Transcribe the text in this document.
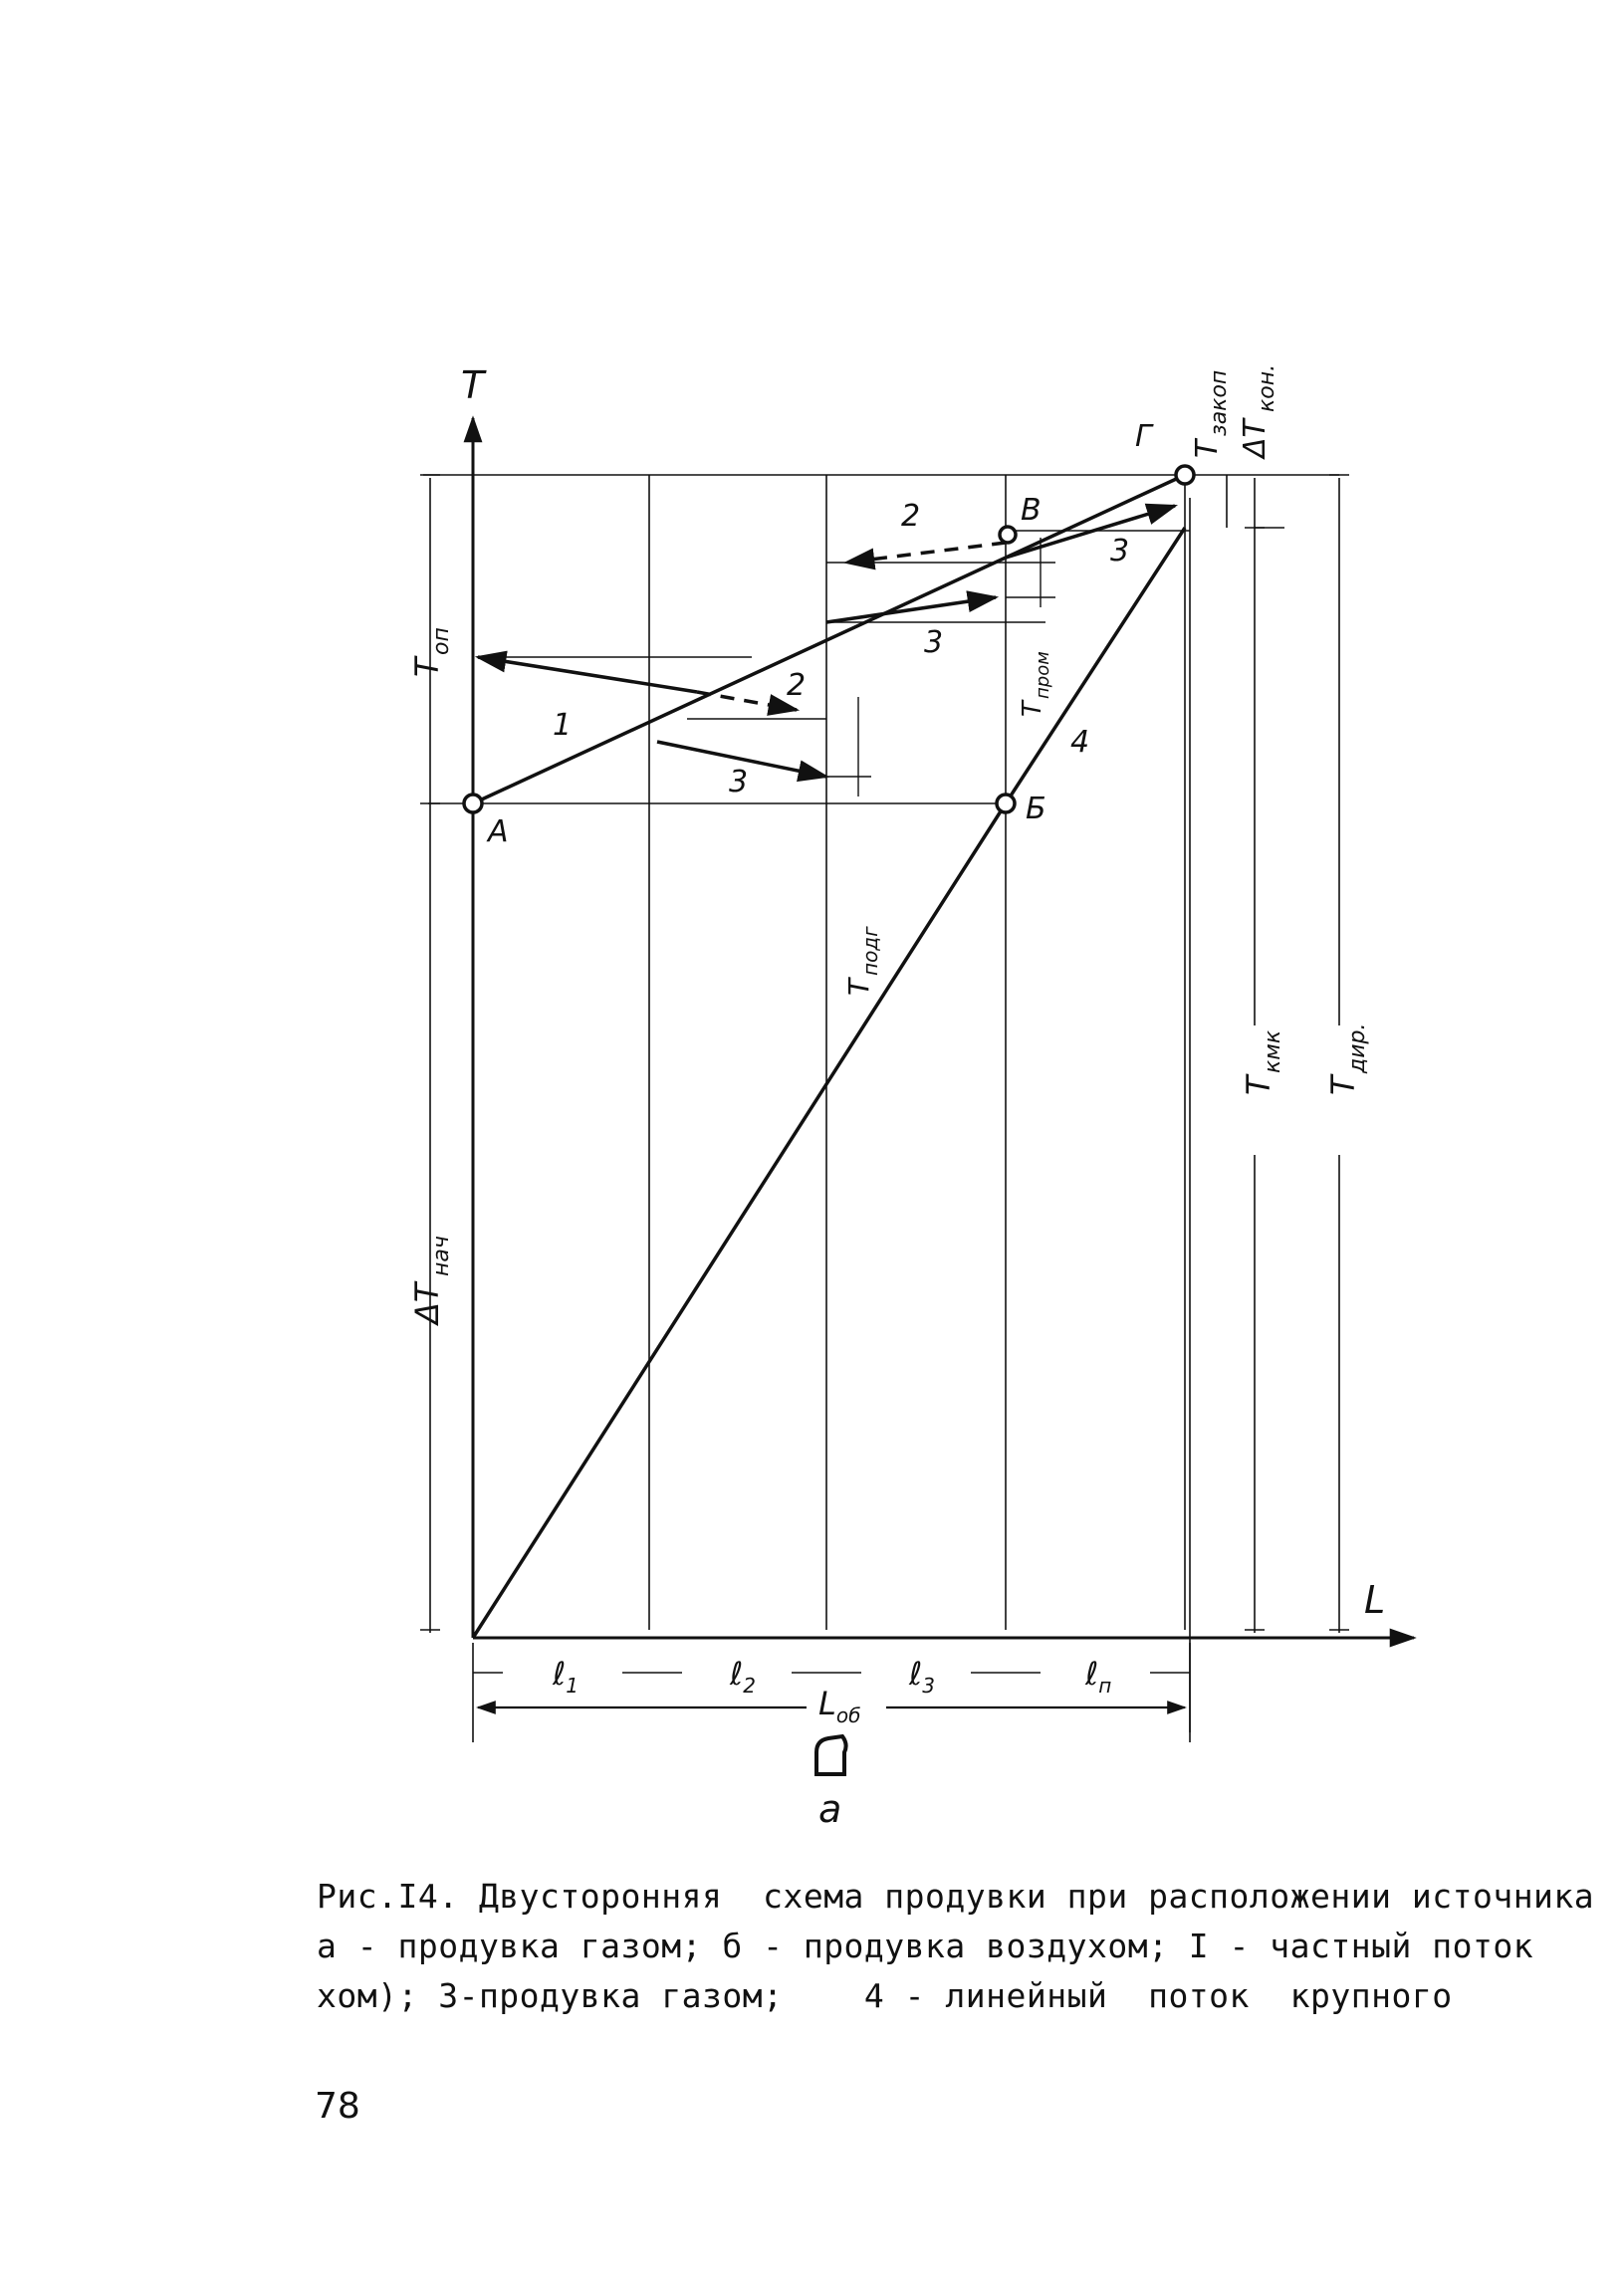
T
L
A
Б
В
Г
1
2
3
3
2
3
4
T
оп
ΔT
нач
T
подг
T
пром
T
закоп
ΔT
кон.
T
кмк
T
дир.
ℓ$_1$	ℓ$_2$	ℓ$_3$	ℓ$_п$
$L_{об}$
а
Рис.I4. Двусторонняя  схема продувки при расположении источника
а - продувка газом; б - продувка воздухом; I - частный поток
хом); 3-продувка газом;    4 - линейный  поток  крупного
78
